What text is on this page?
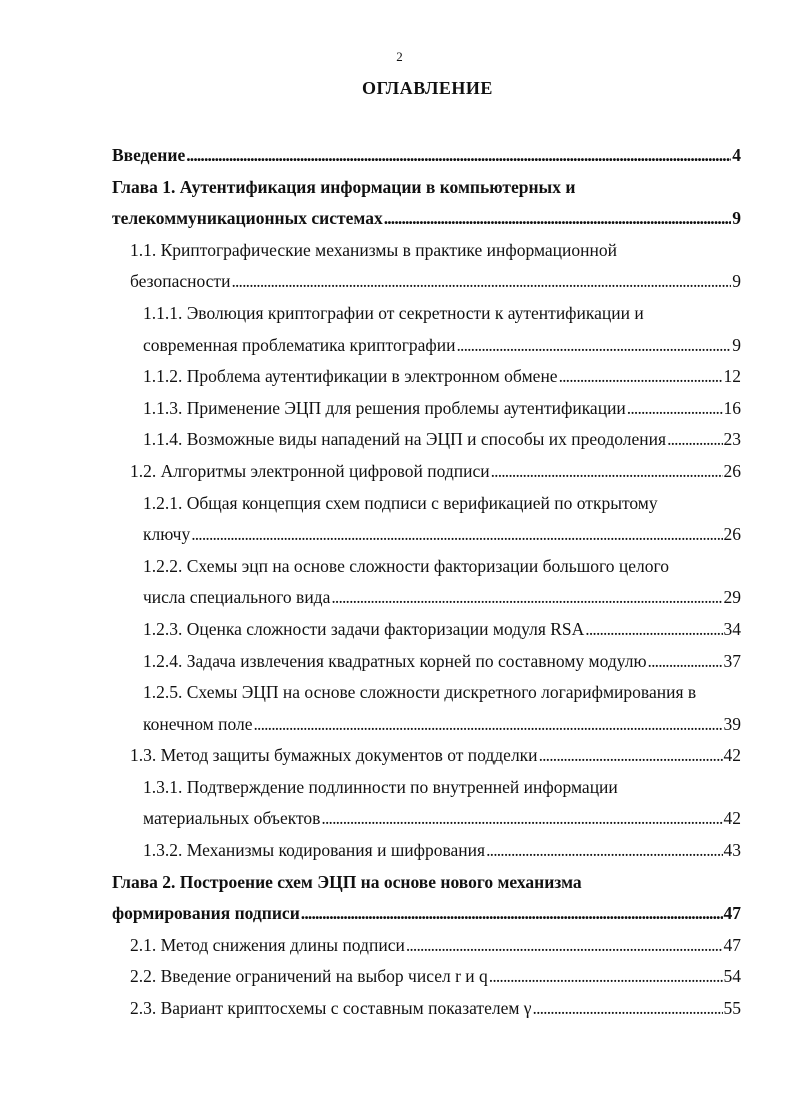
2
ОГЛАВЛЕНИЕ
Введение . . .	4
Глава 1. Аутентификация информации в компьютерных и
телекоммуникационных системах . . .	9
1.1. Криптографические механизмы в практике информационной
безопасности . . .	9
1.1.1. Эволюция криптографии от секретности к аутентификации и
современная проблематика криптографии . . .	9
1.1.2. Проблема аутентификации в электронном обмене . . .	12
1.1.3. Применение ЭЦП для решения проблемы аутентификации . . .	16
1.1.4. Возможные виды нападений на ЭЦП и способы их преодоления . . .	23
1.2. Алгоритмы электронной цифровой подписи . . .	26
1.2.1. Общая концепция схем подписи с верификацией по открытому
ключу . . .	26
1.2.2. Схемы эцп на основе сложности факторизации большого целого
числа специального вида . . .	29
1.2.3. Оценка сложности задачи факторизации модуля RSA . . .	34
1.2.4. Задача извлечения квадратных корней по составному модулю . . .	37
1.2.5. Схемы ЭЦП на основе сложности дискретного логарифмирования в
конечном поле . . .	39
1.3. Метод защиты бумажных документов от подделки . . .	42
1.3.1. Подтверждение подлинности по внутренней информации
материальных объектов . . .	42
1.3.2. Механизмы кодирования и шифрования . . .	43
Глава 2. Построение схем ЭЦП на основе нового механизма
формирования подписи . . .	47
2.1. Метод снижения длины подписи . . .	47
2.2. Введение ограничений на выбор чисел r и q . . .	54
2.3. Вариант криптосхемы с составным показателем γ . . .	55
